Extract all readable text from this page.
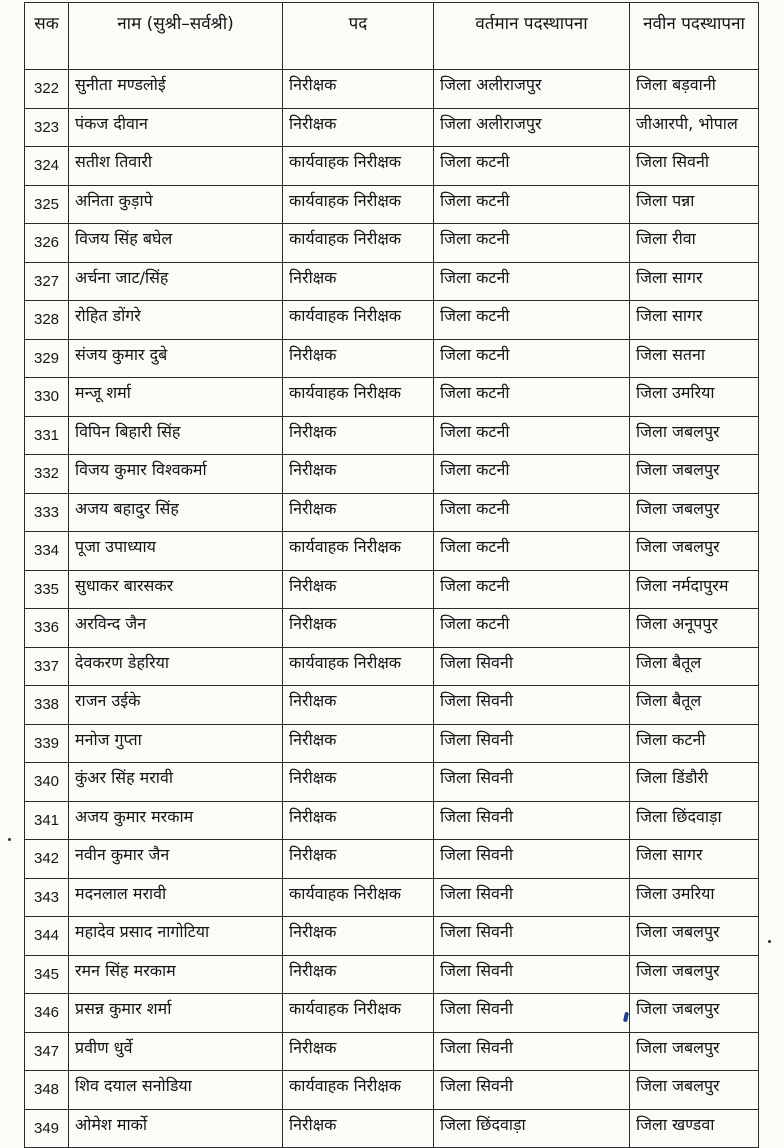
सक	नाम (सुश्री–सर्वश्री)	पद	वर्तमान पदस्थापना	नवीन पदस्थापना
322	सुनीता मण्डलोई	निरीक्षक	जिला अलीराजपुर	जिला बड़वानी
323	पंकज दीवान	निरीक्षक	जिला अलीराजपुर	जीआरपी, भोपाल
324	सतीश तिवारी	कार्यवाहक निरीक्षक	जिला कटनी	जिला सिवनी
325	अनिता कुड़ापे	कार्यवाहक निरीक्षक	जिला कटनी	जिला पन्ना
326	विजय सिंह बघेल	कार्यवाहक निरीक्षक	जिला कटनी	जिला रीवा
327	अर्चना जाट/सिंह	निरीक्षक	जिला कटनी	जिला सागर
328	रोहित डोंगरे	कार्यवाहक निरीक्षक	जिला कटनी	जिला सागर
329	संजय कुमार दुबे	निरीक्षक	जिला कटनी	जिला सतना
330	मन्जू शर्मा	कार्यवाहक निरीक्षक	जिला कटनी	जिला उमरिया
331	विपिन बिहारी सिंह	निरीक्षक	जिला कटनी	जिला जबलपुर
332	विजय कुमार विश्वकर्मा	निरीक्षक	जिला कटनी	जिला जबलपुर
333	अजय बहादुर सिंह	निरीक्षक	जिला कटनी	जिला जबलपुर
334	पूजा उपाध्याय	कार्यवाहक निरीक्षक	जिला कटनी	जिला जबलपुर
335	सुधाकर बारसकर	निरीक्षक	जिला कटनी	जिला नर्मदापुरम
336	अरविन्द जैन	निरीक्षक	जिला कटनी	जिला अनूपपुर
337	देवकरण डेहरिया	कार्यवाहक निरीक्षक	जिला सिवनी	जिला बैतूल
338	राजन उईके	निरीक्षक	जिला सिवनी	जिला बैतूल
339	मनोज गुप्ता	निरीक्षक	जिला सिवनी	जिला कटनी
340	कुंअर सिंह मरावी	निरीक्षक	जिला सिवनी	जिला डिंडौरी
341	अजय कुमार मरकाम	निरीक्षक	जिला सिवनी	जिला छिंदवाड़ा
342	नवीन कुमार जैन	निरीक्षक	जिला सिवनी	जिला सागर
343	मदनलाल मरावी	कार्यवाहक निरीक्षक	जिला सिवनी	जिला उमरिया
344	महादेव प्रसाद नागोटिया	निरीक्षक	जिला सिवनी	जिला जबलपुर
345	रमन सिंह मरकाम	निरीक्षक	जिला सिवनी	जिला जबलपुर
346	प्रसन्न कुमार शर्मा	कार्यवाहक निरीक्षक	जिला सिवनी	जिला जबलपुर
347	प्रवीण धुर्वे	निरीक्षक	जिला सिवनी	जिला जबलपुर
348	शिव दयाल सनोडिया	कार्यवाहक निरीक्षक	जिला सिवनी	जिला जबलपुर
349	ओमेश मार्को	निरीक्षक	जिला छिंदवाड़ा	जिला खण्डवा
